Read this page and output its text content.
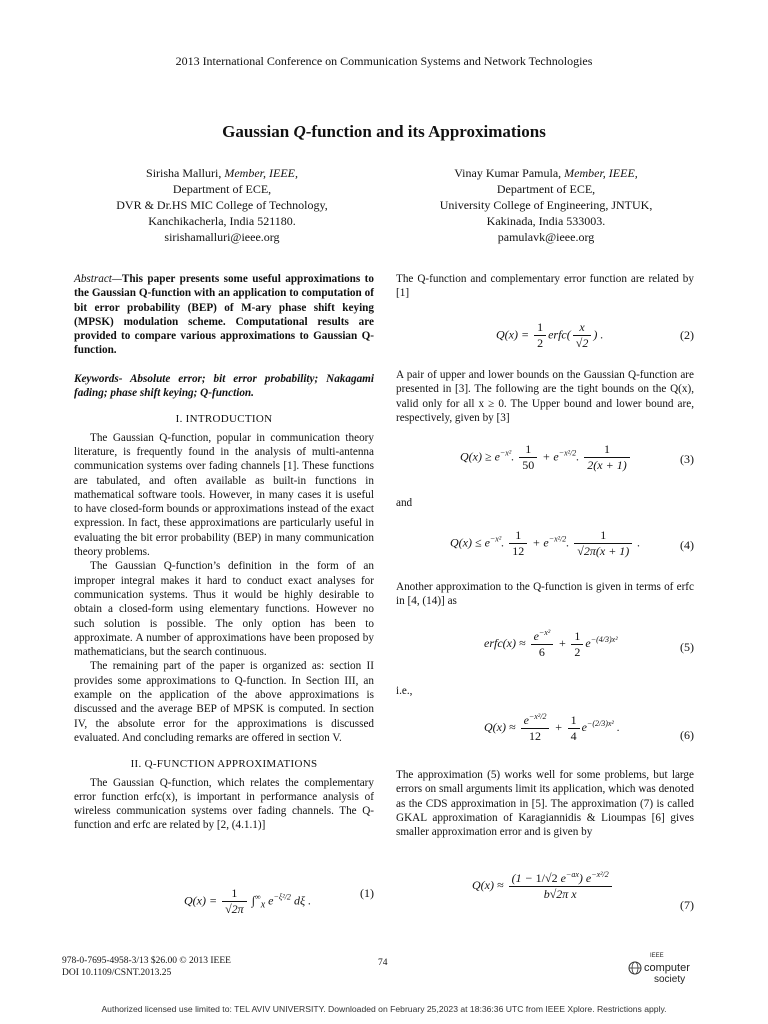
2013 International Conference on Communication Systems and Network Technologies
Gaussian Q-function and its Approximations
Sirisha Malluri, Member, IEEE,
Department of ECE,
DVR & Dr.HS MIC College of Technology,
Kanchikacherla, India 521180.
sirishamalluri@ieee.org
Vinay Kumar Pamula, Member, IEEE,
Department of ECE,
University College of Engineering, JNTUK,
Kakinada, India 533003.
pamulavk@ieee.org

Abstract—This paper presents some useful approximations to the Gaussian Q-function with an application to computation of bit error probability (BEP) of M-ary phase shift keying (MPSK) modulation scheme. Computational results are provided to compare various approximations to Gaussian Q-function.

Keywords- Absolute error; bit error probability; Nakagami fading; phase shift keying; Q-function.

I. INTRODUCTION

The Gaussian Q-function, popular in communication theory literature, is frequently found in the analysis of multi-antenna communication systems over fading channels [1]. These functions are tabulated, and often available as built-in functions in mathematical software tools. However, in many cases it is useful to have closed-form bounds or approximations instead of the exact expression. In fact, these approximations are particularly useful in evaluating the bit error probability (BEP) in many communication theory problems.

The Gaussian Q-function’s definition in the form of an improper integral makes it hard to conduct exact analyses for communication systems. Thus it would be highly desirable to obtain a closed-form using elementary functions. However no such solution is possible. The only option has been to approximate. A number of approximations have been proposed by mathematicians, but the search continuous.

The remaining part of the paper is organized as: section II provides some approximations to Q-function. In Section III, an example on the application of the above approximations is discussed and the average BEP of MPSK is computed. In section IV, the absolute error for the approximations is discussed evaluated. And concluding remarks are offered in section V.

II. Q-FUNCTION APPROXIMATIONS

The Gaussian Q-function, which relates the complementary error function erfc(x), is important in performance analysis of wireless communication systems over fading channels. The Q-function and erfc are related by [2, (4.1.1)]

$Q(x) = \frac{1}{√2\pi} \int^\infty_x$ $e^{-\xi^2/2}$ dξ .
(1)

The Q-function and complementary error function are related by [1]

$Q(x) = \frac{1}{2}$ erfc( $\frac{x}{√2}$ ) .	(2)

A pair of upper and lower bounds on the Gaussian Q-function are presented in [3]. The following are the tight bounds on the Q(x), valid only for all x ≥ 0. The Upper bound and lower bound are, respectively, given by [3]

$Q(x) \ge e^{-x^2}$. $\frac{1}{50} + e^{-x^2/2}$. $\frac{1}{2(x + 1)}$	(3)

and

$Q(x) \le e^{-x^2}$. $\frac{1}{12} + e^{-x^2/2}$. $\frac{1}{√2\pi(x + 1)}$ .	(4)

Another approximation to the Q-function is given in terms of erfc in [4, (14)] as

erfc(x) ≈ $\frac{e^{-x^2}}{6} + \frac{1}{2} e^{-(4/3)x^2}$
(5)

i.e.,

$Q(x) \approx \frac{e^{-x^2/2}}{12} + \frac{1}{4} e^{-(2/3)x^2}$ .
(6)

The approximation (5) works well for some problems, but large errors on small arguments limit its application, which was denoted as the CDS approximation in [5]. The approximation (7) is called GKAL approximation of Karagiannidis & Lioumpas [6] gives smaller approximation error and is given by

$Q(x) \approx \frac{(1 - 1/√2 e^{-ax}) e^{-x^2/2}}{\text{b√2π x}}$
(7)
978-0-7695-4958-3/13 $26.00 © 2013 IEEE
DOI 10.1109/CSNT.2013.25
74
IEEE
computer
society
Authorized licensed use limited to: TEL AVIV UNIVERSITY. Downloaded on February 25,2023 at 18:36:36 UTC from IEEE Xplore. Restrictions apply.
